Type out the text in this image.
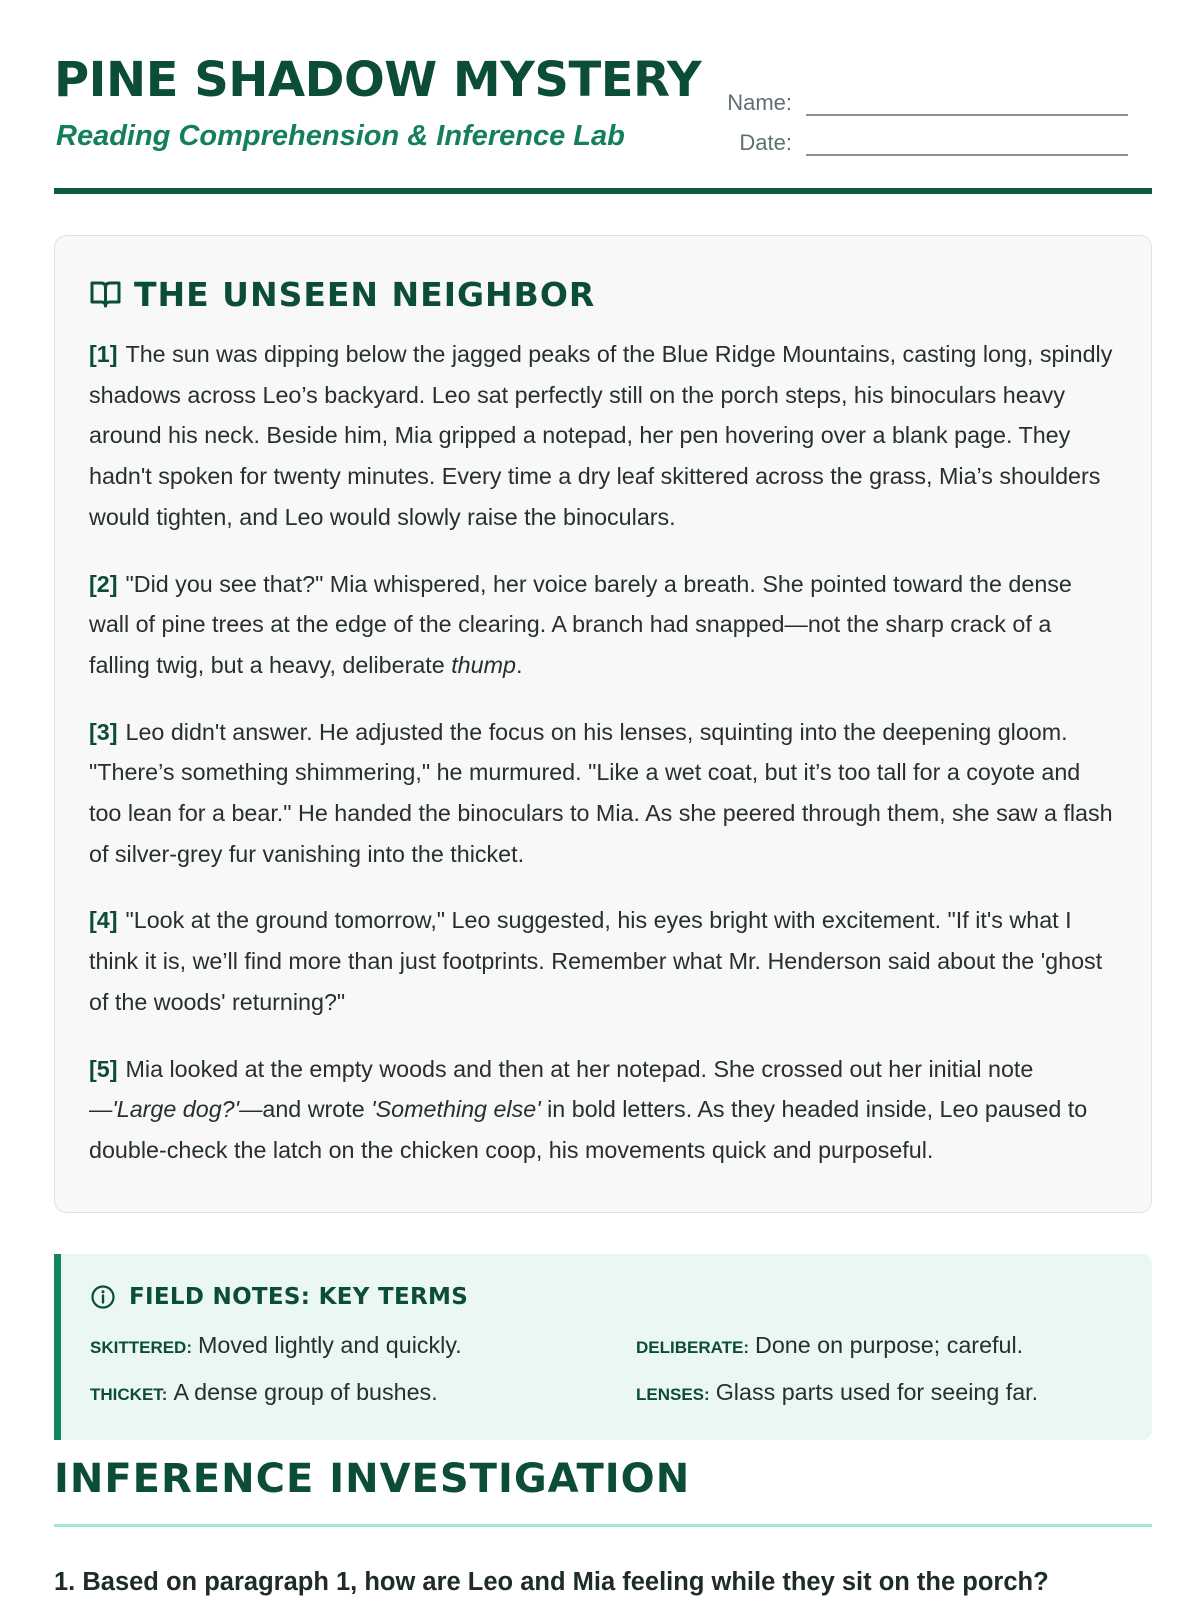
PINE SHADOW MYSTERY
Reading Comprehension & Inference Lab
Name:
Date:
THE UNSEEN NEIGHBOR

[1] The sun was dipping below the jagged peaks of the Blue Ridge Mountains, casting long, spindly shadows across Leo’s backyard. Leo sat perfectly still on the porch steps, his binoculars heavy around his neck. Beside him, Mia gripped a notepad, her pen hovering over a blank page. They hadn't spoken for twenty minutes. Every time a dry leaf skittered across the grass, Mia’s shoulders would tighten, and Leo would slowly raise the binoculars.

[2] "Did you see that?" Mia whispered, her voice barely a breath. She pointed toward the dense wall of pine trees at the edge of the clearing. A branch had snapped—not the sharp crack of a falling twig, but a heavy, deliberate thump.

[3] Leo didn't answer. He adjusted the focus on his lenses, squinting into the deepening gloom. "There’s something shimmering," he murmured. "Like a wet coat, but it’s too tall for a coyote and too lean for a bear." He handed the binoculars to Mia. As she peered through them, she saw a flash of silver-grey fur vanishing into the thicket.

[4] "Look at the ground tomorrow," Leo suggested, his eyes bright with excitement. "If it's what I think it is, we’ll find more than just footprints. Remember what Mr. Henderson said about the 'ghost of the woods' returning?"

[5] Mia looked at the empty woods and then at her notepad. She crossed out her initial note —'Large dog?'—and wrote 'Something else' in bold letters. As they headed inside, Leo paused to double-check the latch on the chicken coop, his movements quick and purposeful.

FIELD NOTES: KEY TERMS
SKITTERED: Moved lightly and quickly.	DELIBERATE: Done on purpose; careful.
THICKET: A dense group of bushes.	LENSES: Glass parts used for seeing far.
INFERENCE INVESTIGATION
1. Based on paragraph 1, how are Leo and Mia feeling while they sit on the porch?
